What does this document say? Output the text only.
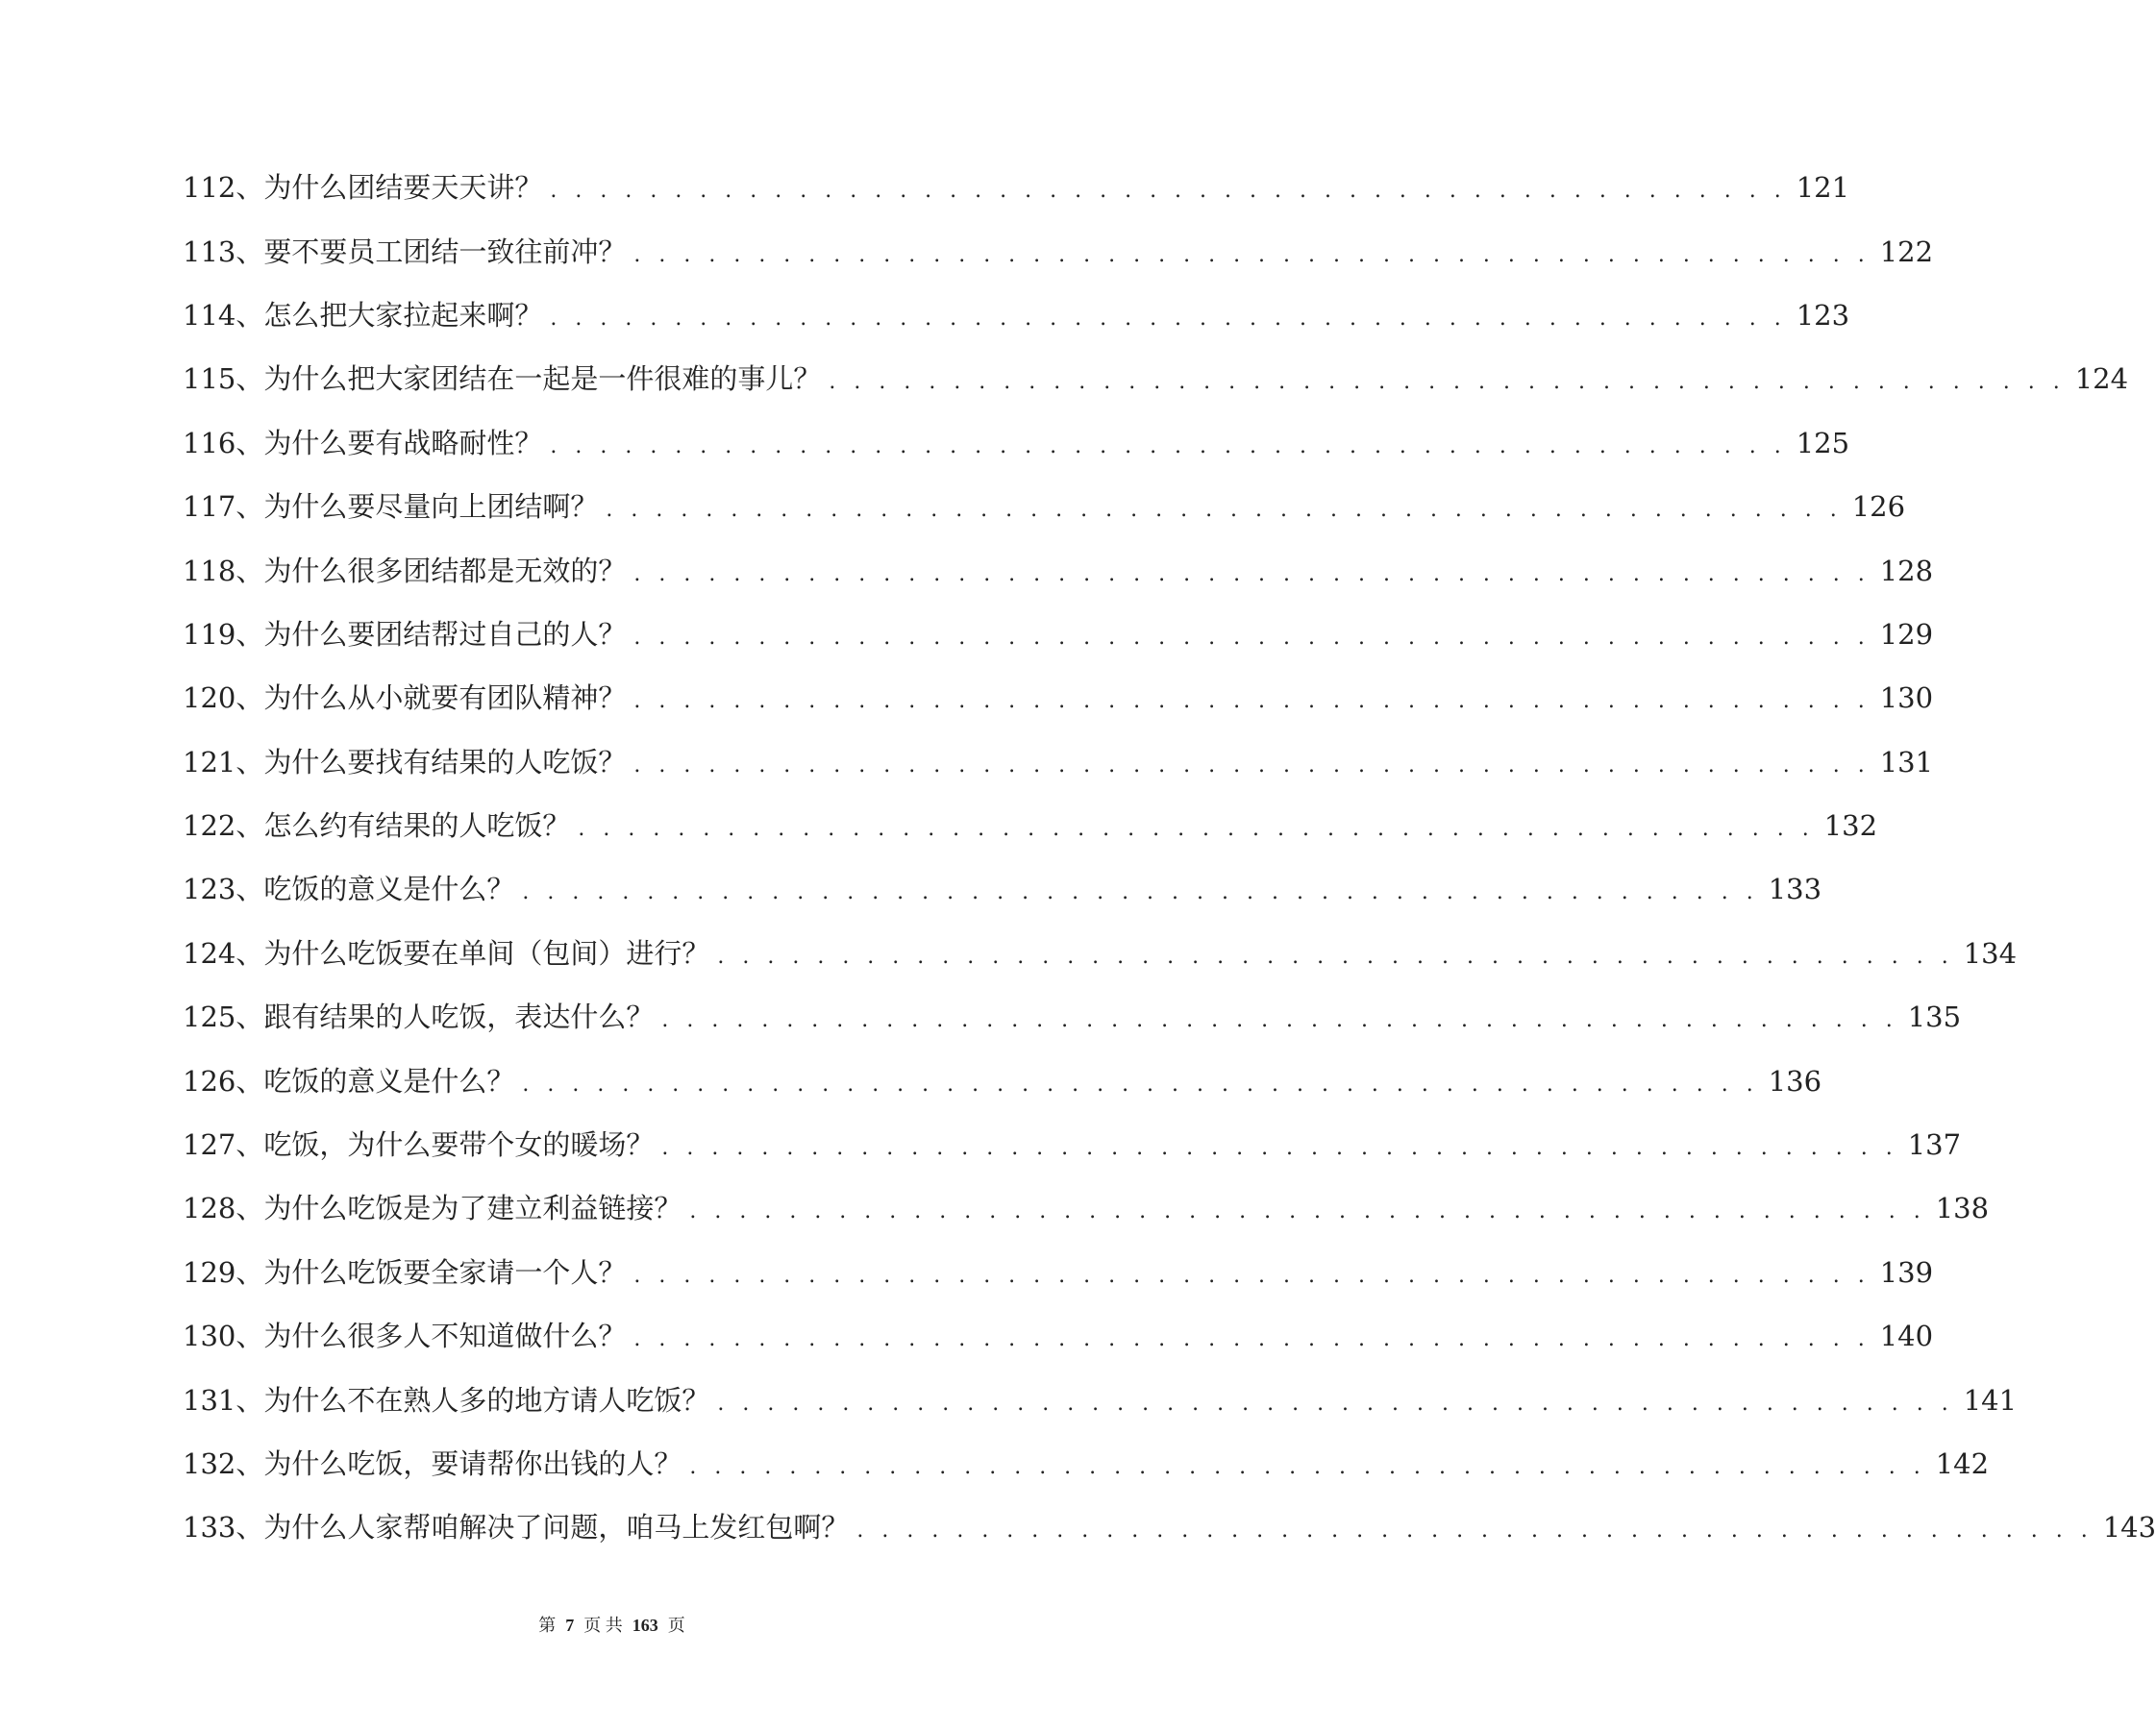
112 、 为什么团结要天天讲？ . . . . . . . . . . . . . . . . . . . . . . . . . . . . . . . . . . . . . . . . . . . . . . . . . . 121
113 、 要不要员工团结一致往前冲？ . . . . . . . . . . . . . . . . . . . . . . . . . . . . . . . . . . . . . . . . . . . . . . . . . . 122
114 、 怎么把大家拉起来啊？ . . . . . . . . . . . . . . . . . . . . . . . . . . . . . . . . . . . . . . . . . . . . . . . . . . 123
115 、 为什么把大家团结在一起是一件很难的事儿？ . . . . . . . . . . . . . . . . . . . . . . . . . . . . . . . . . . . . . . . . . . . . . . . . . . 124
116 、 为什么要有战略耐性？ . . . . . . . . . . . . . . . . . . . . . . . . . . . . . . . . . . . . . . . . . . . . . . . . . . 125
117 、 为什么要尽量向上团结啊？ . . . . . . . . . . . . . . . . . . . . . . . . . . . . . . . . . . . . . . . . . . . . . . . . . . 126
118 、 为什么很多团结都是无效的？ . . . . . . . . . . . . . . . . . . . . . . . . . . . . . . . . . . . . . . . . . . . . . . . . . . 128
119 、 为什么要团结帮过自己的人？ . . . . . . . . . . . . . . . . . . . . . . . . . . . . . . . . . . . . . . . . . . . . . . . . . . 129
120 、 为什么从小就要有团队精神？ . . . . . . . . . . . . . . . . . . . . . . . . . . . . . . . . . . . . . . . . . . . . . . . . . . 130
121 、 为什么要找有结果的人吃饭？ . . . . . . . . . . . . . . . . . . . . . . . . . . . . . . . . . . . . . . . . . . . . . . . . . . 131
122 、 怎么约有结果的人吃饭？ . . . . . . . . . . . . . . . . . . . . . . . . . . . . . . . . . . . . . . . . . . . . . . . . . . 132
123 、 吃饭的意义是什么？ . . . . . . . . . . . . . . . . . . . . . . . . . . . . . . . . . . . . . . . . . . . . . . . . . . 133
124 、 为什么吃饭要在单间（包间）进行？ . . . . . . . . . . . . . . . . . . . . . . . . . . . . . . . . . . . . . . . . . . . . . . . . . . 134
125 、 跟有结果的人吃饭，表达什么？ . . . . . . . . . . . . . . . . . . . . . . . . . . . . . . . . . . . . . . . . . . . . . . . . . . 135
126 、 吃饭的意义是什么？ . . . . . . . . . . . . . . . . . . . . . . . . . . . . . . . . . . . . . . . . . . . . . . . . . . 136
127 、 吃饭，为什么要带个女的暖场？ . . . . . . . . . . . . . . . . . . . . . . . . . . . . . . . . . . . . . . . . . . . . . . . . . . 137
128 、 为什么吃饭是为了建立利益链接？ . . . . . . . . . . . . . . . . . . . . . . . . . . . . . . . . . . . . . . . . . . . . . . . . . . 138
129 、 为什么吃饭要全家请一个人？ . . . . . . . . . . . . . . . . . . . . . . . . . . . . . . . . . . . . . . . . . . . . . . . . . . 139
130 、 为什么很多人不知道做什么？ . . . . . . . . . . . . . . . . . . . . . . . . . . . . . . . . . . . . . . . . . . . . . . . . . . 140
131 、 为什么不在熟人多的地方请人吃饭？ . . . . . . . . . . . . . . . . . . . . . . . . . . . . . . . . . . . . . . . . . . . . . . . . . . 141
132 、 为什么吃饭，要请帮你出钱的人？ . . . . . . . . . . . . . . . . . . . . . . . . . . . . . . . . . . . . . . . . . . . . . . . . . . 142
133 、 为什么人家帮咱解决了问题，咱马上发红包啊？ . . . . . . . . . . . . . . . . . . . . . . . . . . . . . . . . . . . . . . . . . . . . . . . . . . 143
第 7 页 共 163 页
